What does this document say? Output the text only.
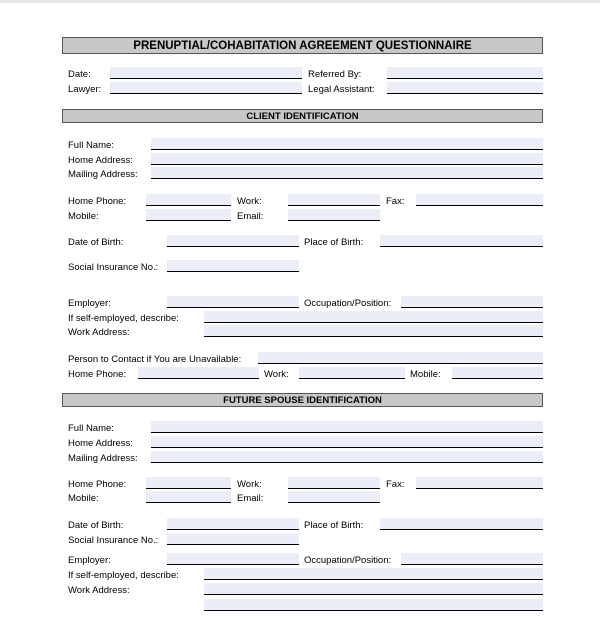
PRENUPTIAL/COHABITATION AGREEMENT QUESTIONNAIRE
Date:	Referred By:
Lawyer:	Legal Assistant:
CLIENT IDENTIFICATION
Full Name:
Home Address:
Mailing Address:
Home Phone:	Work:	Fax:
Mobile:	Email:
Date of Birth:	Place of Birth:
Social Insurance No.:
Employer:	Occupation/Position:
If self-employed, describe:
Work Address:
Person to Contact if You are Unavailable:
Home Phone:	Work:	Mobile:
FUTURE SPOUSE IDENTIFICATION
Full Name:
Home Address:
Mailing Address:
Home Phone:	Work:	Fax:
Mobile:	Email:
Date of Birth:	Place of Birth:
Social Insurance No.:
Employer:	Occupation/Position:
If self-employed, describe:
Work Address:
